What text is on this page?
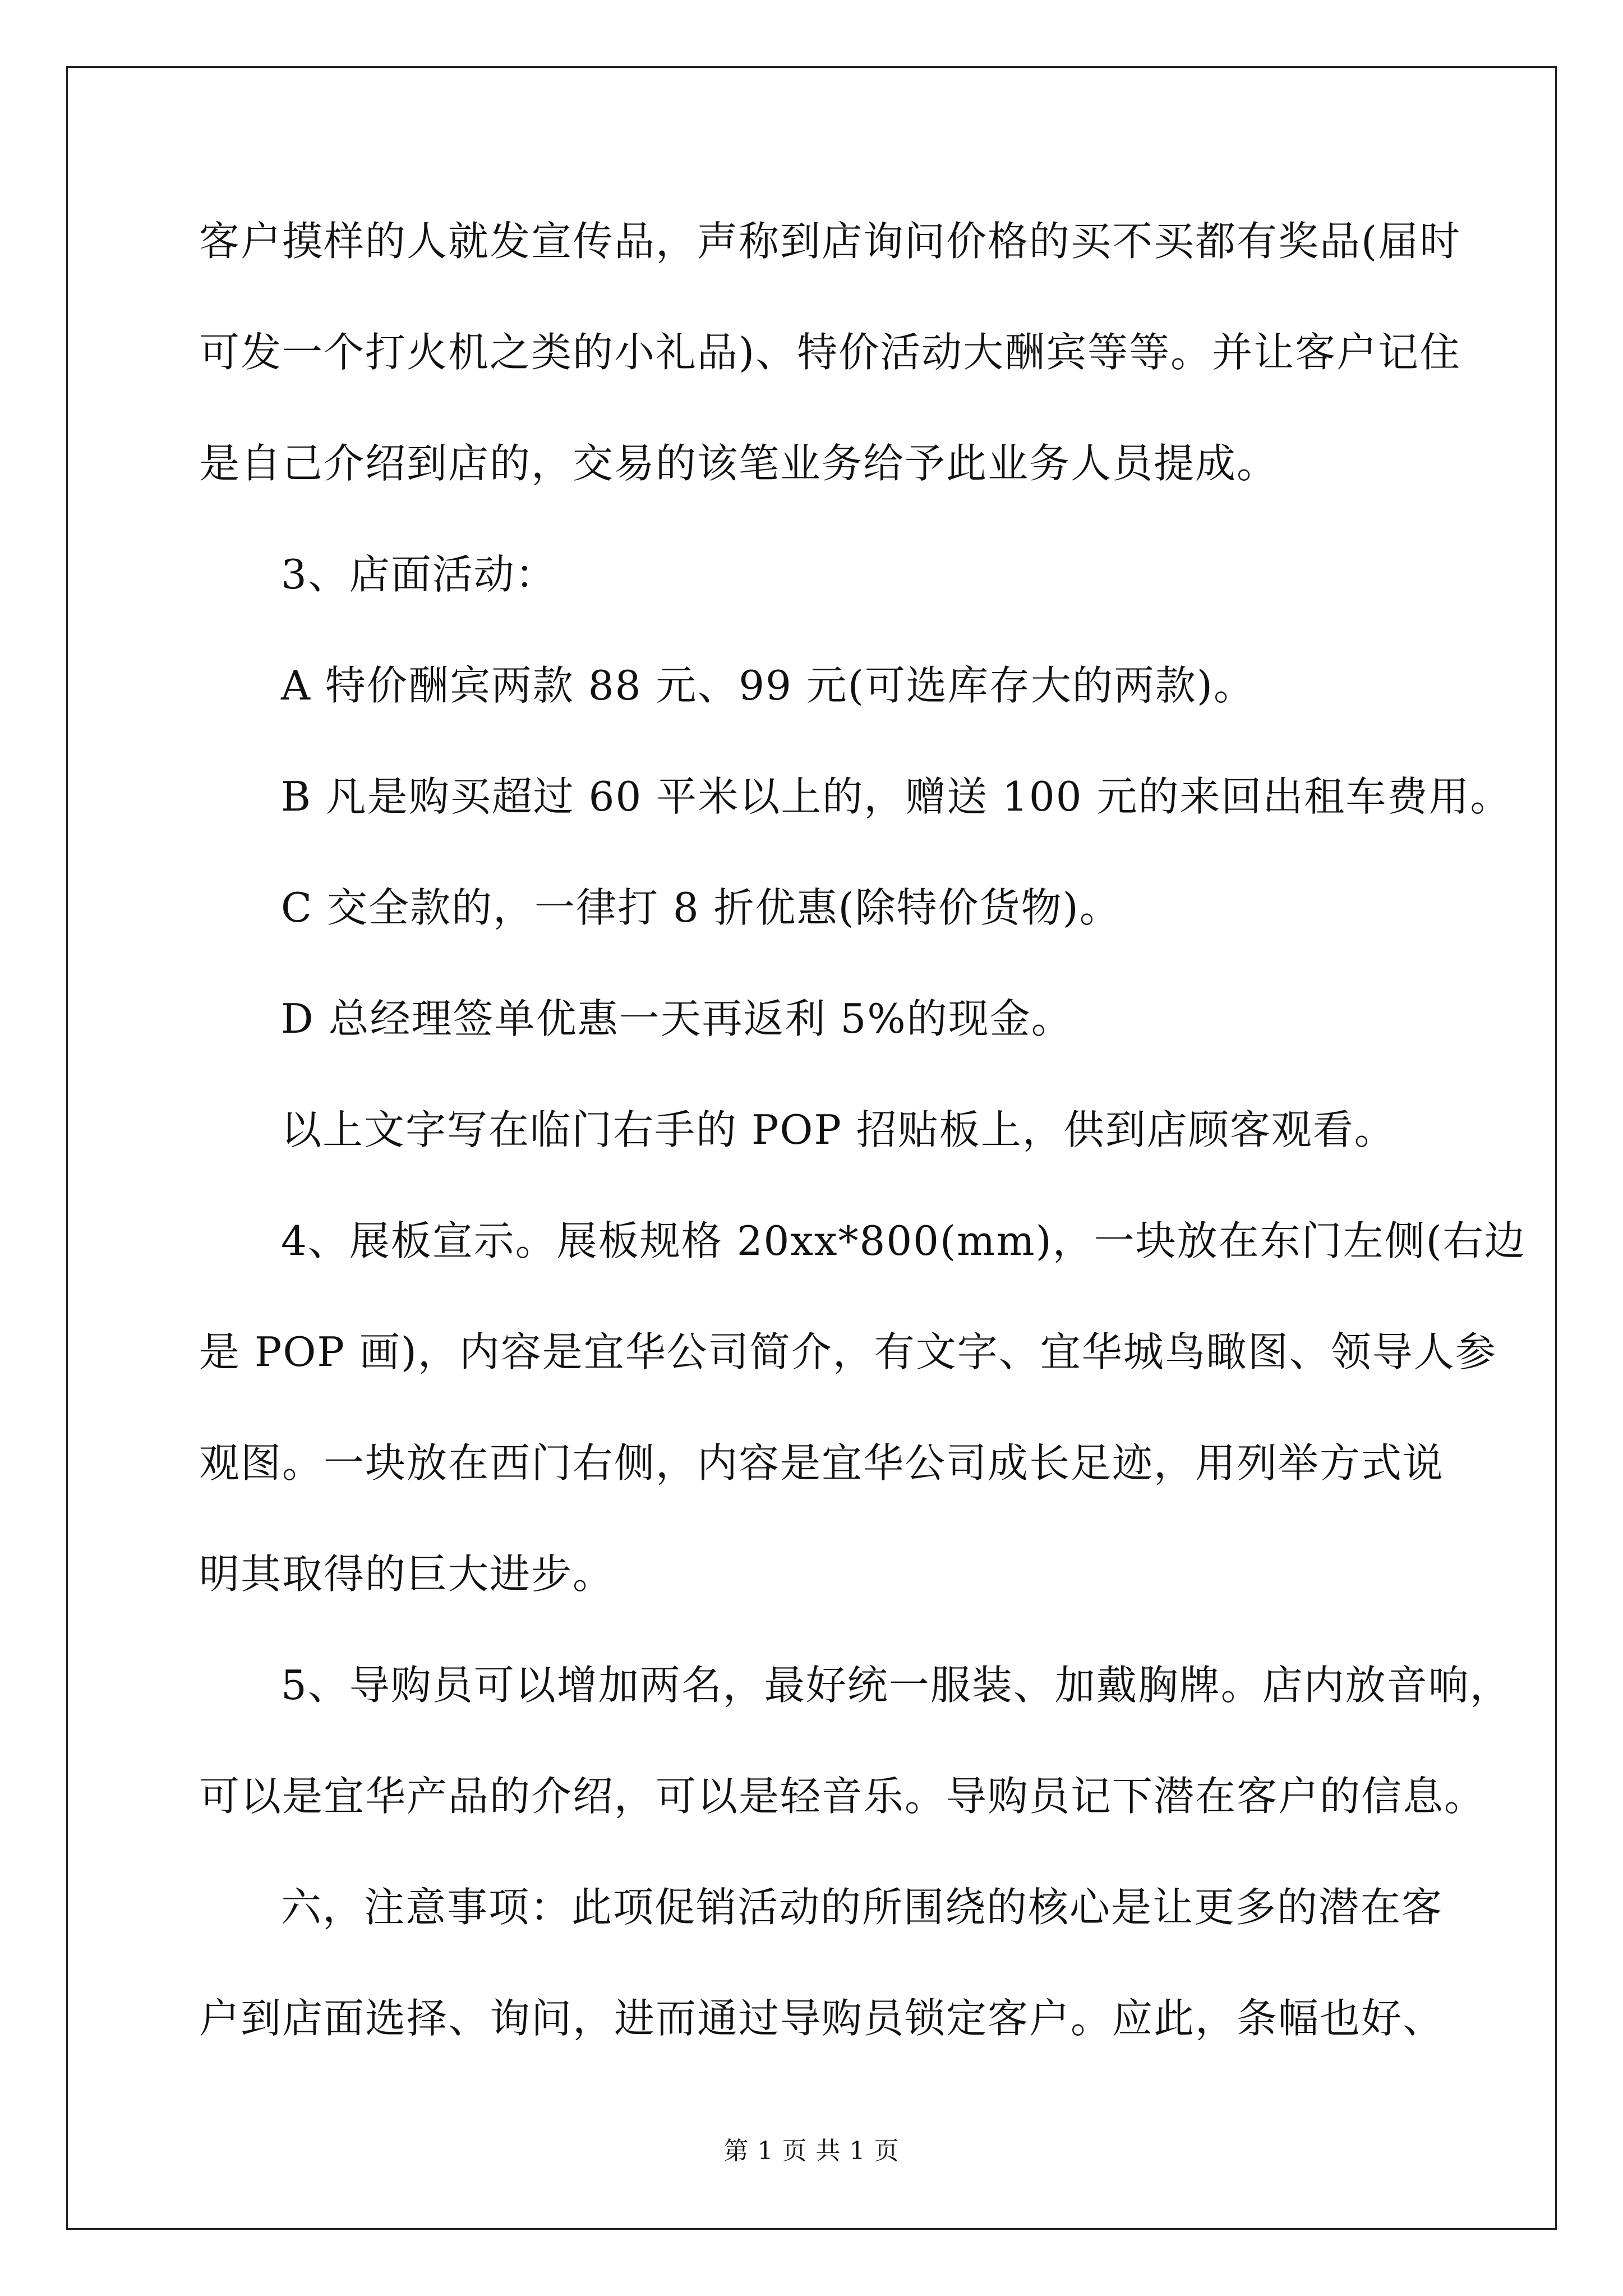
客户摸样的人就发宣传品，声称到店询问价格的买不买都有奖品(届时
可发一个打火机之类的小礼品)、特价活动大酬宾等等。并让客户记住
是自己介绍到店的，交易的该笔业务给予此业务人员提成。
3、店面活动：
A 特价酬宾两款 88 元、99 元(可选库存大的两款)。
B 凡是购买超过 60 平米以上的，赠送 100 元的来回出租车费用。
C 交全款的，一律打 8 折优惠(除特价货物)。
D 总经理签单优惠一天再返利 5%的现金。
以上文字写在临门右手的 POP 招贴板上，供到店顾客观看。
4、展板宣示。展板规格 20xx*800(mm)，一块放在东门左侧(右边
是 POP 画)，内容是宜华公司简介，有文字、宜华城鸟瞰图、领导人参
观图。一块放在西门右侧，内容是宜华公司成长足迹，用列举方式说
明其取得的巨大进步。
5、导购员可以增加两名，最好统一服装、加戴胸牌。店内放音响，
可以是宜华产品的介绍，可以是轻音乐。导购员记下潜在客户的信息。
六，注意事项：此项促销活动的所围绕的核心是让更多的潜在客
户到店面选择、询问，进而通过导购员锁定客户。应此，条幅也好、
第 1 页 共 1 页
